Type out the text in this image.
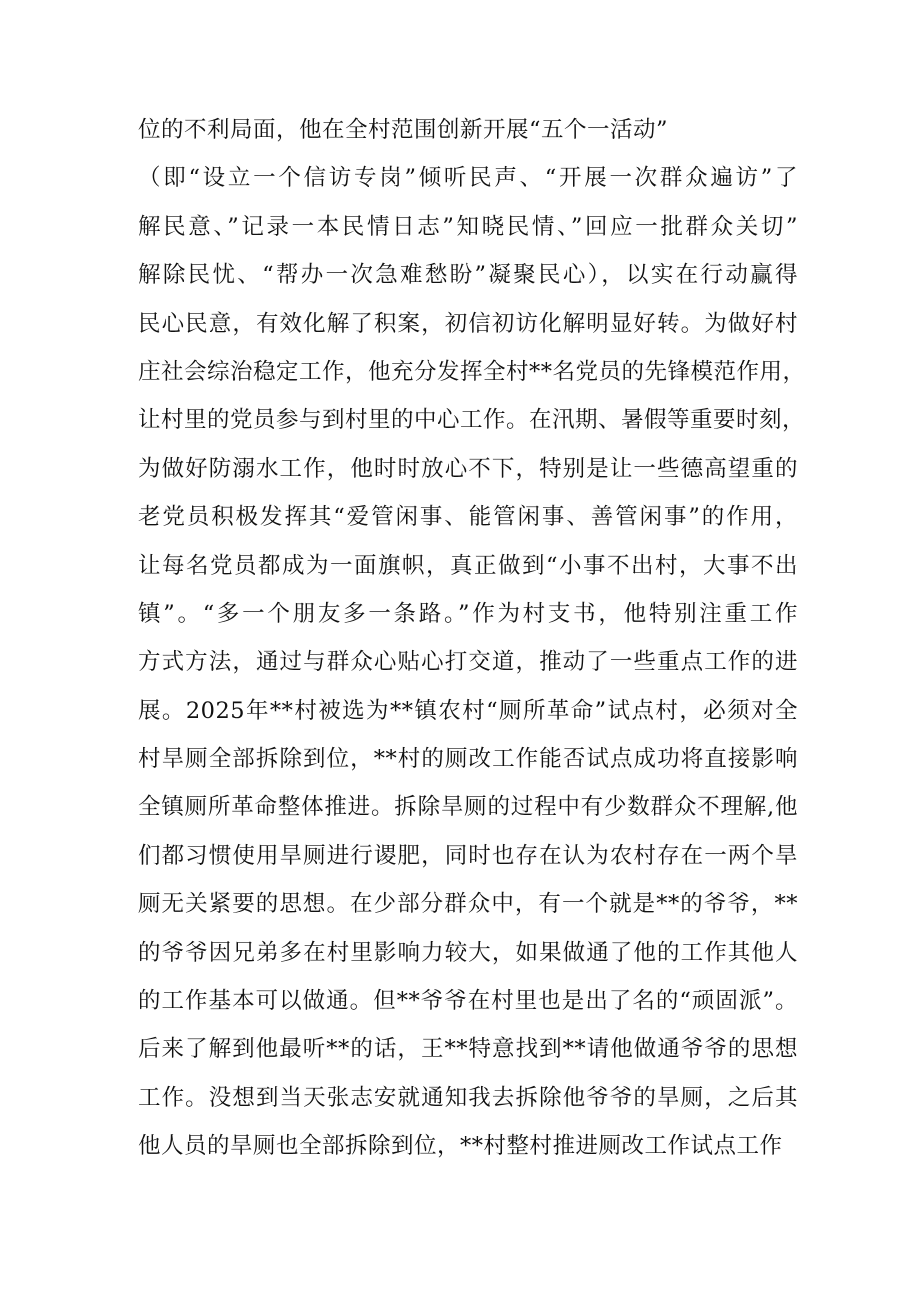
位的不利局面，他在全村范围创新开展“五个一活动”
（即“设立一个信访专岗”倾听民声、“开展一次群众遍访”了
解民意、”记录一本民情日志”知晓民情、”回应一批群众关切”
解除民忧、“帮办一次急难愁盼”凝聚民心），以实在行动赢得
民心民意，有效化解了积案，初信初访化解明显好转。为做好村
庄社会综治稳定工作，他充分发挥全村**名党员的先锋模范作用，
让村里的党员参与到村里的中心工作。在汛期、暑假等重要时刻，
为做好防溺水工作，他时时放心不下，特别是让一些德高望重的
老党员积极发挥其“爱管闲事、能管闲事、善管闲事”的作用，
让每名党员都成为一面旗帜，真正做到“小事不出村，大事不出
镇”。“多一个朋友多一条路。”作为村支书，他特别注重工作
方式方法，通过与群众心贴心打交道，推动了一些重点工作的进
展。2025年**村被选为**镇农村“厕所革命”试点村，必须对全
村旱厕全部拆除到位，**村的厕改工作能否试点成功将直接影响
全镇厕所革命整体推进。拆除旱厕的过程中有少数群众不理解,他
们都习惯使用旱厕进行谡肥，同时也存在认为农村存在一两个旱
厕无关紧要的思想。在少部分群众中，有一个就是**的爷爷，**
的爷爷因兄弟多在村里影响力较大，如果做通了他的工作其他人
的工作基本可以做通。但**爷爷在村里也是出了名的“顽固派”。
后来了解到他最听**的话，王**特意找到**请他做通爷爷的思想
工作。没想到当天张志安就通知我去拆除他爷爷的旱厕，之后其
他人员的旱厕也全部拆除到位，**村整村推进厕改工作试点工作
